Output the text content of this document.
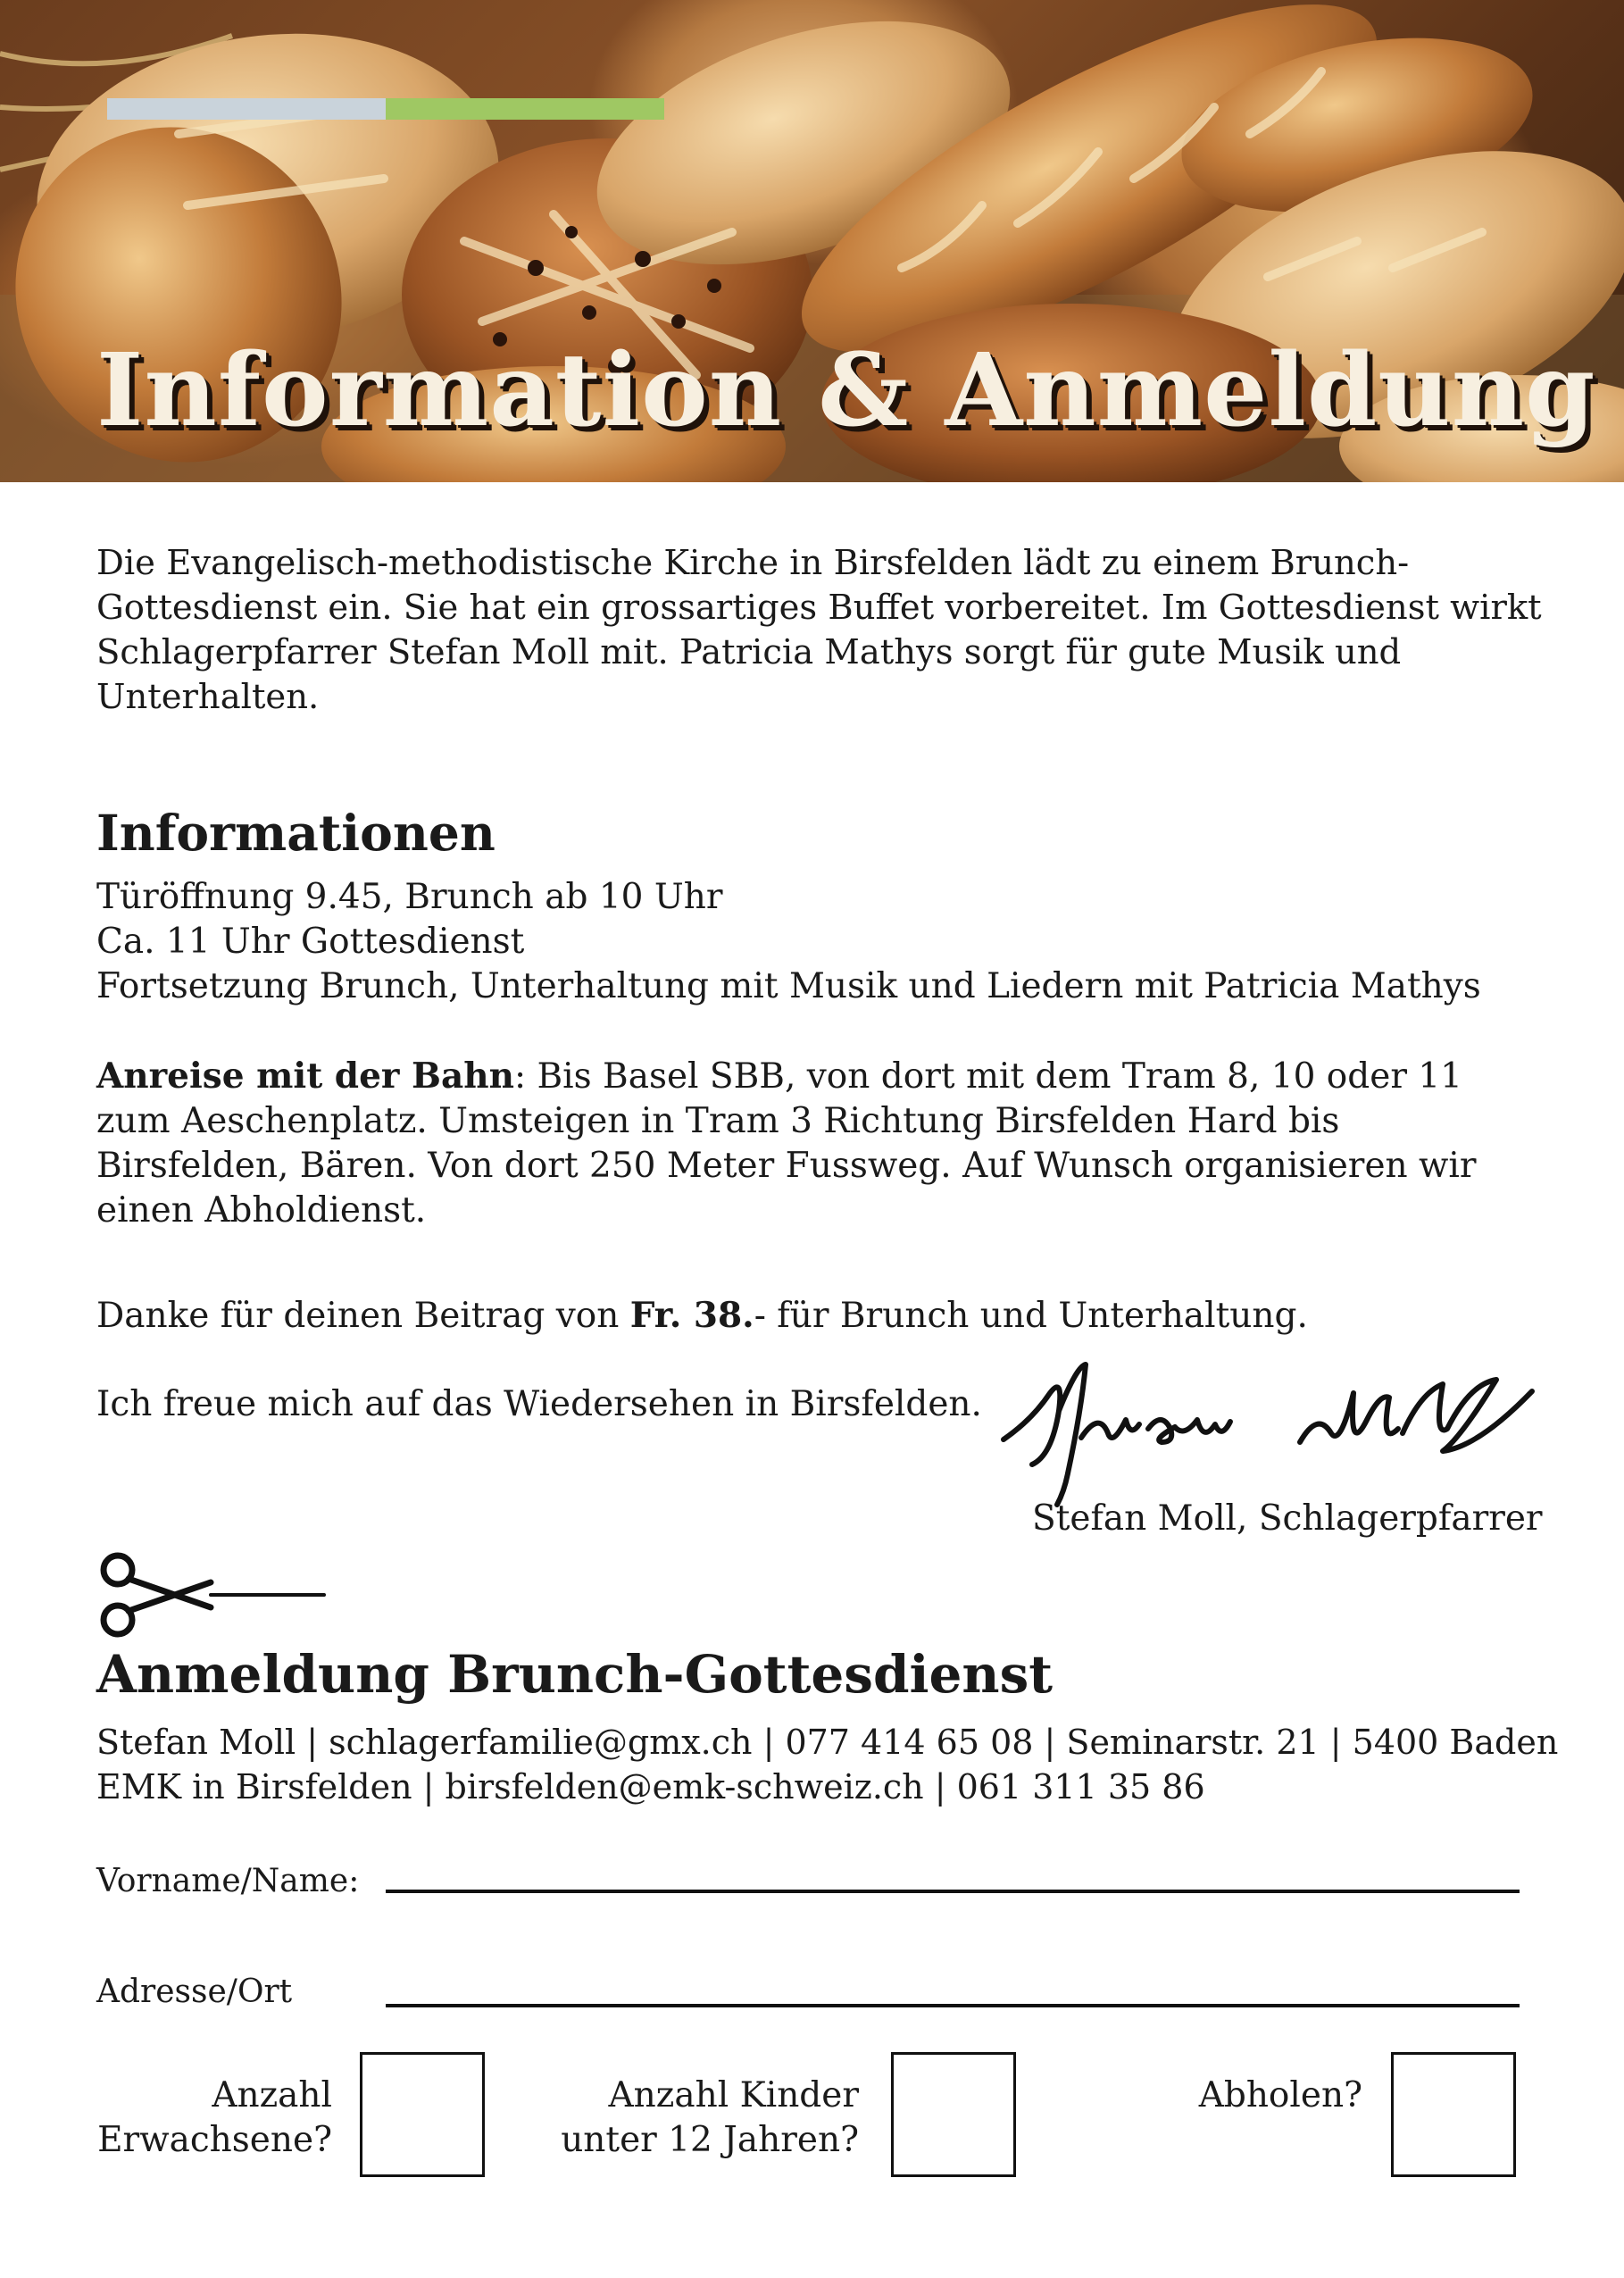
Information & Anmeldung

Die Evangelisch-methodistische Kirche in Birsfelden lädt zu einem Brunch-Gottesdienst ein. Sie hat ein grossartiges Buffet vorbereitet. Im Gottesdienst wirkt Schlagerpfarrer Stefan Moll mit. Patricia Mathys sorgt für gute Musik und Unterhalten.

Informationen
Türöffnung 9.45, Brunch ab 10 Uhr
Ca. 11 Uhr Gottesdienst
Fortsetzung Brunch, Unterhaltung mit Musik und Liedern mit Patricia Mathys

Anreise mit der Bahn: Bis Basel SBB, von dort mit dem Tram 8, 10 oder 11 zum Aeschenplatz. Umsteigen in Tram 3 Richtung Birsfelden Hard bis Birsfelden, Bären. Von dort 250 Meter Fussweg. Auf Wunsch organisieren wir einen Abholdienst.

Danke für deinen Beitrag von Fr. 38.- für Brunch und Unterhaltung.

Ich freue mich auf das Wiedersehen in Birsfelden.

Stefan Moll, Schlagerpfarrer

Anmeldung Brunch-Gottesdienst
Stefan Moll | schlagerfamilie@gmx.ch | 077 414 65 08 | Seminarstr. 21 | 5400 Baden
EMK in Birsfelden | birsfelden@emk-schweiz.ch | 061 311 35 86

Vorname/Name:

Adresse/Ort

Anzahl
Erwachsene?

Anzahl Kinder
unter 12 Jahren?

Abholen?
